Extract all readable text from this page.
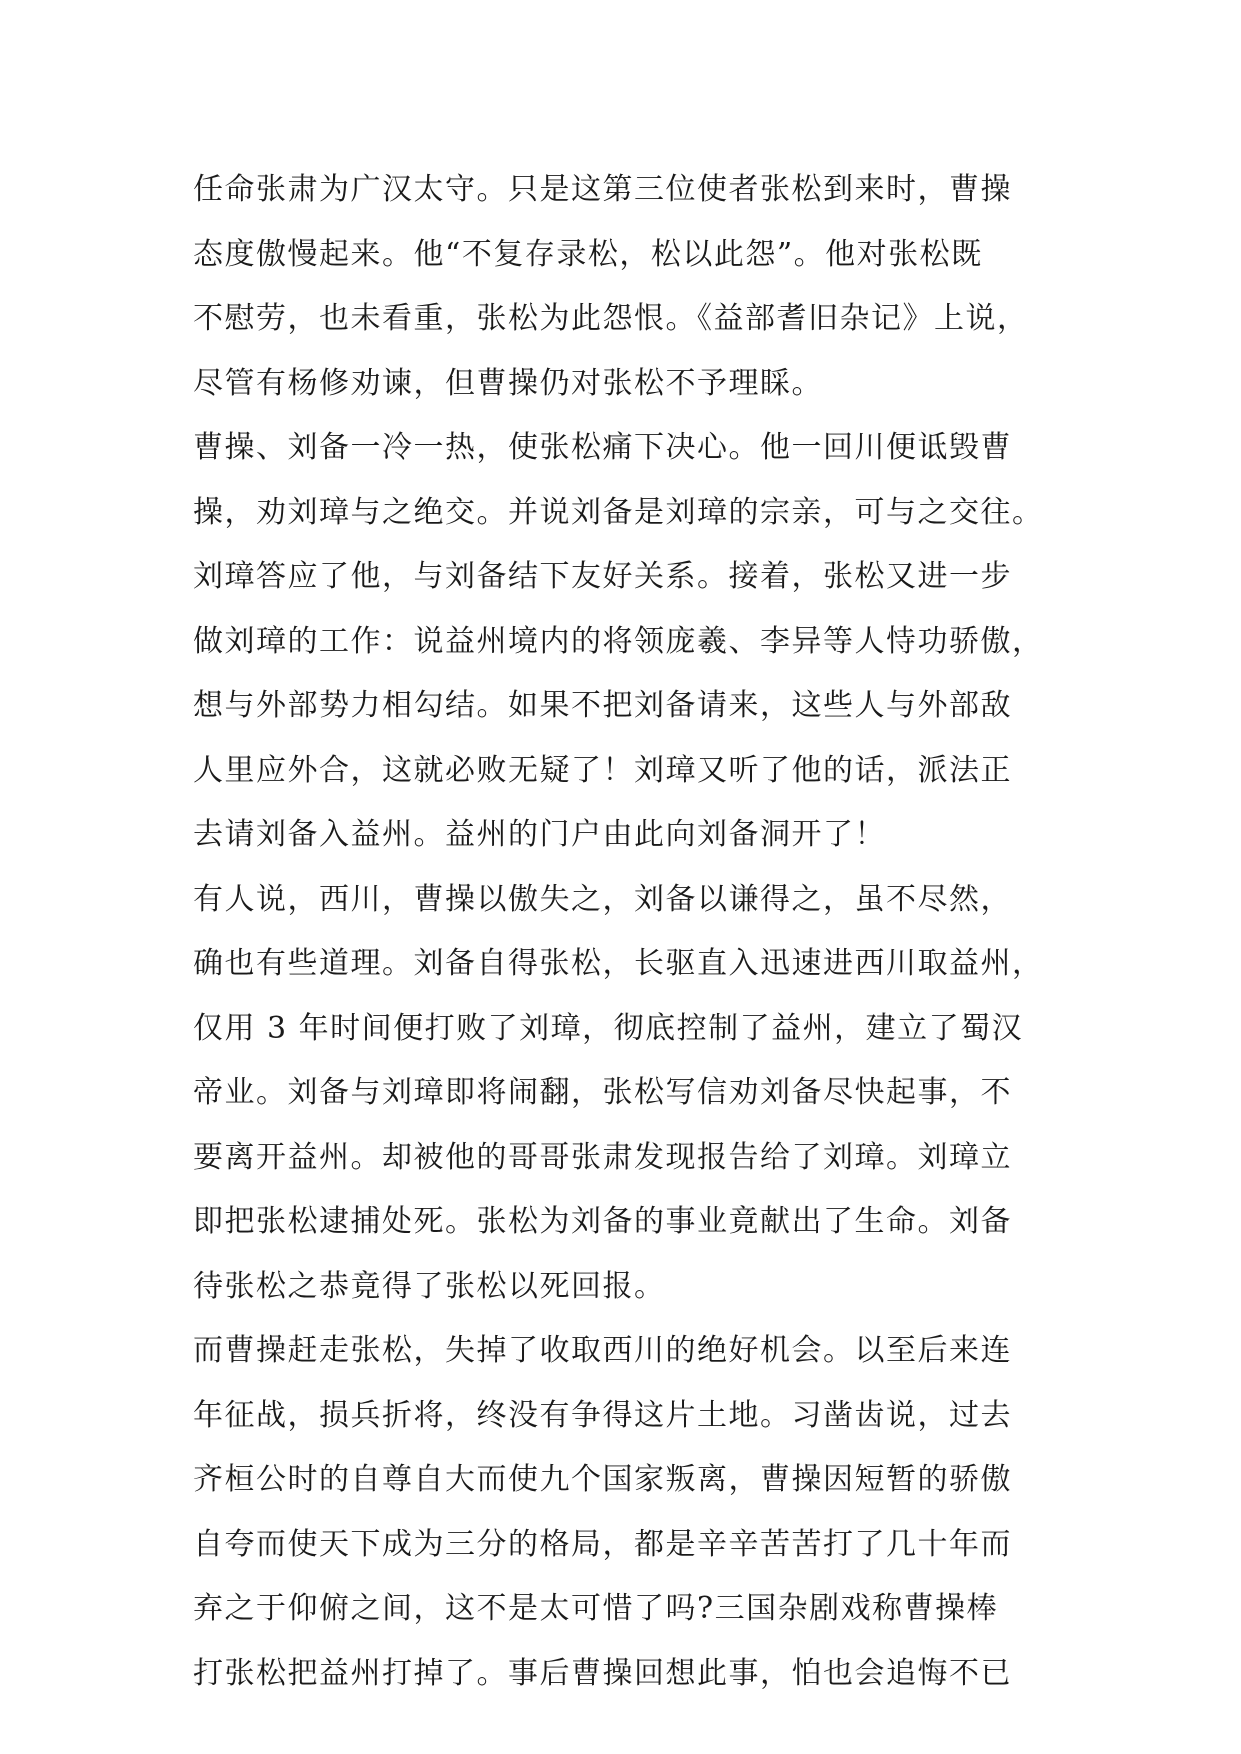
任命张肃为广汉太守。只是这第三位使者张松到来时，曹操
态度傲慢起来。他“不复存录松，松以此怨”。他对张松既
不慰劳，也未看重，张松为此怨恨。《益部耆旧杂记》上说，
尽管有杨修劝谏，但曹操仍对张松不予理睬。
曹操、刘备一冷一热，使张松痛下决心。他一回川便诋毁曹
操，劝刘璋与之绝交。并说刘备是刘璋的宗亲，可与之交往。
刘璋答应了他，与刘备结下友好关系。接着，张松又进一步
做刘璋的工作：说益州境内的将领庞羲、李异等人恃功骄傲，
想与外部势力相勾结。如果不把刘备请来，这些人与外部敌
人里应外合，这就必败无疑了！刘璋又听了他的话，派法正
去请刘备入益州。益州的门户由此向刘备洞开了！
有人说，西川，曹操以傲失之，刘备以谦得之，虽不尽然，
确也有些道理。刘备自得张松，长驱直入迅速进西川取益州，
仅用 3 年时间便打败了刘璋，彻底控制了益州，建立了蜀汉
帝业。刘备与刘璋即将闹翻，张松写信劝刘备尽快起事，不
要离开益州。却被他的哥哥张肃发现报告给了刘璋。刘璋立
即把张松逮捕处死。张松为刘备的事业竟献出了生命。刘备
待张松之恭竟得了张松以死回报。
而曹操赶走张松，失掉了收取西川的绝好机会。以至后来连
年征战，损兵折将，终没有争得这片土地。习凿齿说，过去
齐桓公时的自尊自大而使九个国家叛离，曹操因短暂的骄傲
自夸而使天下成为三分的格局，都是辛辛苦苦打了几十年而
弃之于仰俯之间，这不是太可惜了吗?三国杂剧戏称曹操棒
打张松把益州打掉了。事后曹操回想此事，怕也会追悔不已
